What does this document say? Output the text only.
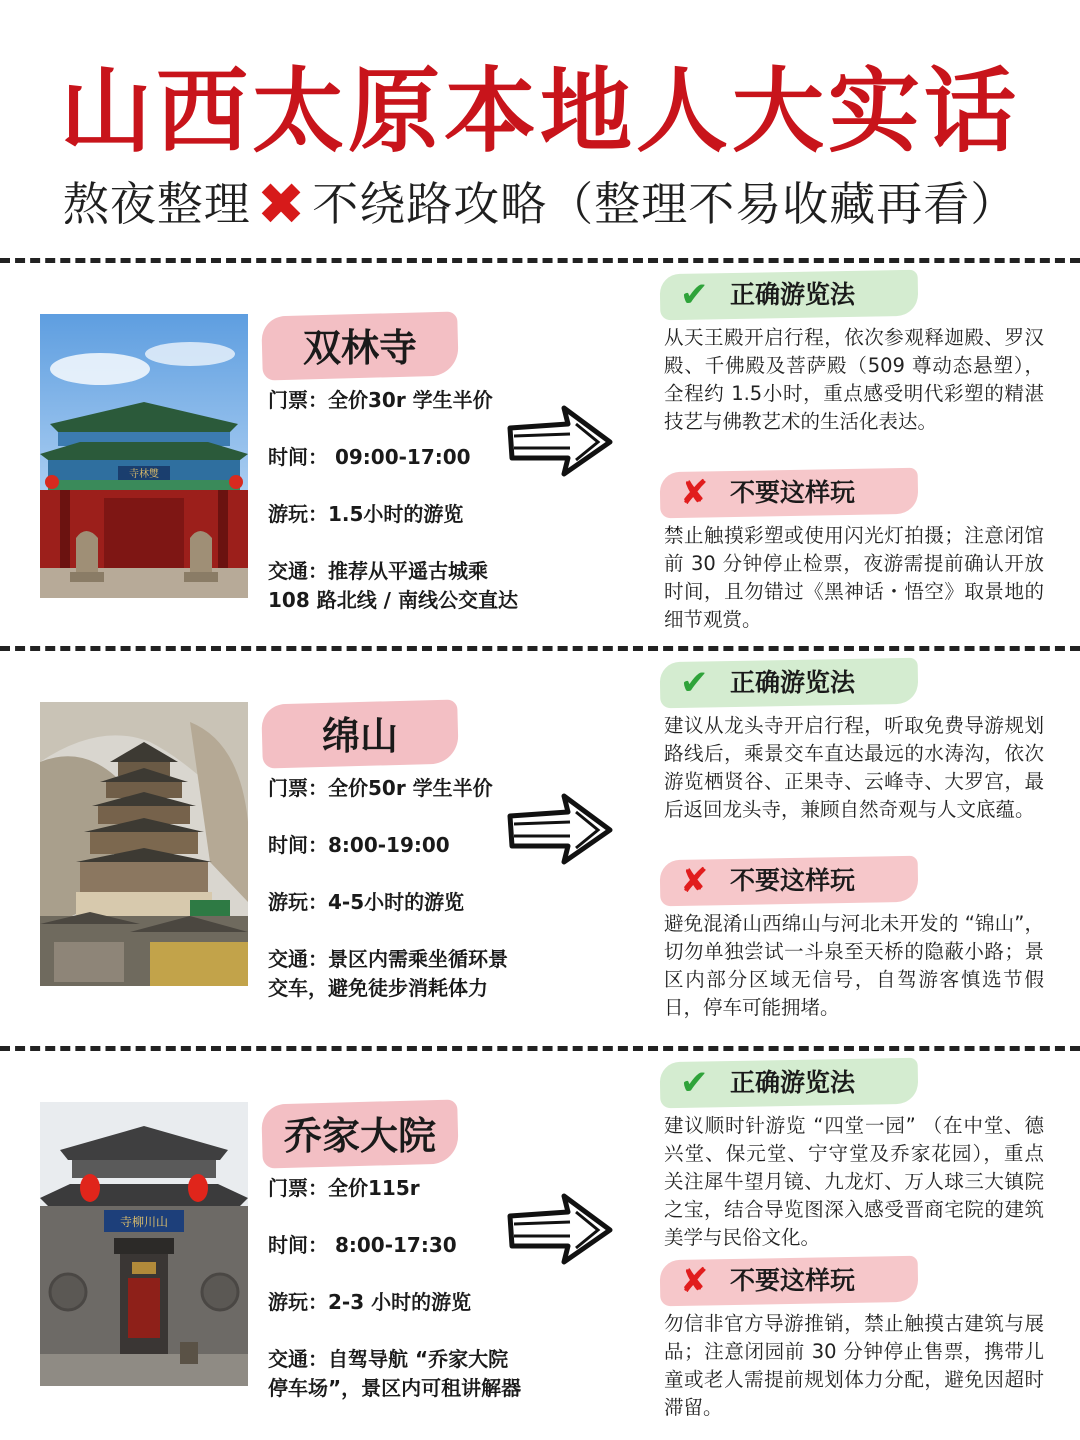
山西太原本地人大实话
熬夜整理 ✖ 不绕路攻略（整理不易收藏再看）
寺林雙
双林寺
门票：全价30r 学生半价
时间： 09:00-17:00
游玩：1.5小时的游览
交通：推荐从平遥古城乘
108 路北线 / 南线公交直达
✔ 正确游览法
从天王殿开启行程，依次参观释迦殿、罗汉殿、千佛殿及菩萨殿（509 尊动态悬塑），全程约 1.5小时，重点感受明代彩塑的精湛技艺与佛教艺术的生活化表达。
✘ 不要这样玩
禁止触摸彩塑或使用闪光灯拍摄；注意闭馆前 30 分钟停止检票，夜游需提前确认开放时间，且勿错过《黑神话・悟空》取景地的细节观赏。
绵山
门票：全价50r 学生半价
时间：8:00-19:00
游玩：4-5小时的游览
交通：景区内需乘坐循环景
交车，避免徒步消耗体力
✔ 正确游览法
建议从龙头寺开启行程，听取免费导游规划路线后，乘景交车直达最远的水涛沟，依次游览栖贤谷、正果寺、云峰寺、大罗宫，最后返回龙头寺，兼顾自然奇观与人文底蕴。
✘ 不要这样玩
避免混淆山西绵山与河北未开发的 “锦山”，切勿单独尝试一斗泉至天桥的隐蔽小路；景区内部分区域无信号，自驾游客慎选节假日，停车可能拥堵。
寺柳川山
乔家大院
门票：全价115r
时间： 8:00-17:30
游玩：2-3 小时的游览
交通：自驾导航 “乔家大院
停车场”，景区内可租讲解器
✔ 正确游览法
建议顺时针游览 “四堂一园” （在中堂、德兴堂、保元堂、宁守堂及乔家花园），重点关注犀牛望月镜、九龙灯、万人球三大镇院之宝，结合导览图深入感受晋商宅院的建筑美学与民俗文化。
✘ 不要这样玩
勿信非官方导游推销，禁止触摸古建筑与展品；注意闭园前 30 分钟停止售票，携带儿童或老人需提前规划体力分配，避免因超时滞留。
